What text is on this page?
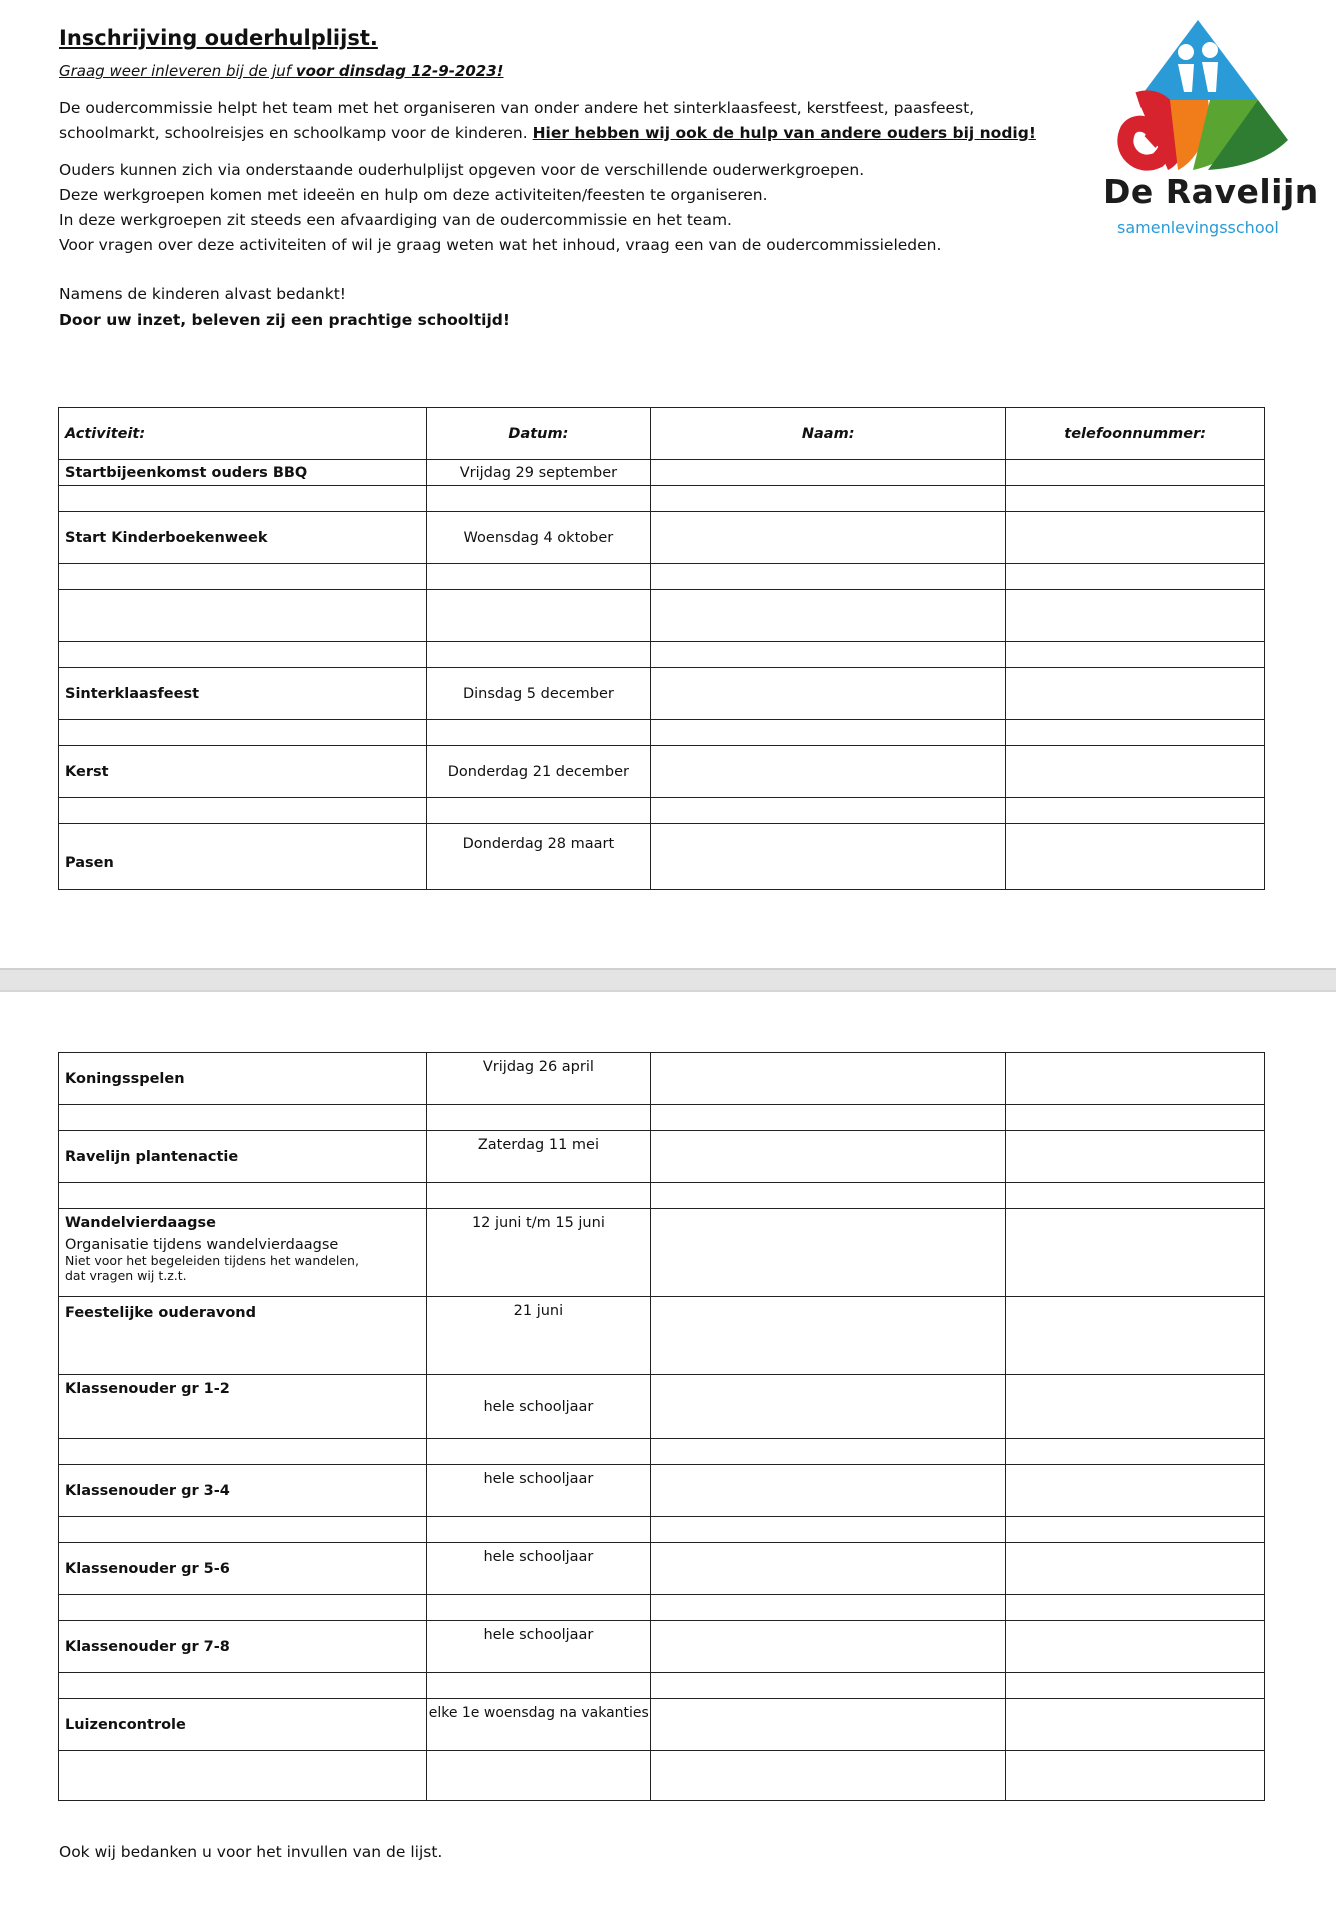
Inschrijving ouderhulplijst.
Graag weer inleveren bij de juf voor dinsdag 12-9-2023!
De oudercommissie helpt het team met het organiseren van onder andere het sinterklaasfeest, kerstfeest, paasfeest, schoolmarkt, schoolreisjes en schoolkamp voor de kinderen. Hier hebben wij ook de hulp van andere ouders bij nodig!
Ouders kunnen zich via onderstaande ouderhulplijst opgeven voor de verschillende ouderwerkgroepen.
Deze werkgroepen komen met ideeën en hulp om deze activiteiten/feesten te organiseren.
In deze werkgroepen zit steeds een afvaardiging van de oudercommissie en het team.
Voor vragen over deze activiteiten of wil je graag weten wat het inhoud, vraag een van de oudercommissieleden.
Namens de kinderen alvast bedankt!
Door uw inzet, beleven zij een prachtige schooltijd!
De Ravelijn
samenlevingsschool
Activiteit:	Datum:	Naam:	telefoonnummer:
Startbijeenkomst ouders BBQ	Vrijdag 29 september		

Start Kinderboekenweek	Woensdag 4 oktober		

Sinterklaasfeest	Dinsdag 5 december		

Kerst	Donderdag 21 december		

Pasen	Donderdag 28 maart		
Ook wij bedanken u voor het invullen van de lijst.
Koningsspelen	Vrijdag 26 april		

Ravelijn plantenactie	Zaterdag 11 mei		

Wandelvierdaagse
Organisatie tijdens wandelvierdaagse
Niet voor het begeleiden tijdens het wandelen,
dat vragen wij t.z.t.	12 juni t/m 15 juni		
Feestelijke ouderavond	21 juni		
Klassenouder gr 1-2	hele schooljaar		

Klassenouder gr 3-4	hele schooljaar		

Klassenouder gr 5-6	hele schooljaar		

Klassenouder gr 7-8	hele schooljaar		

Luizencontrole	elke 1e woensdag na vakanties		
